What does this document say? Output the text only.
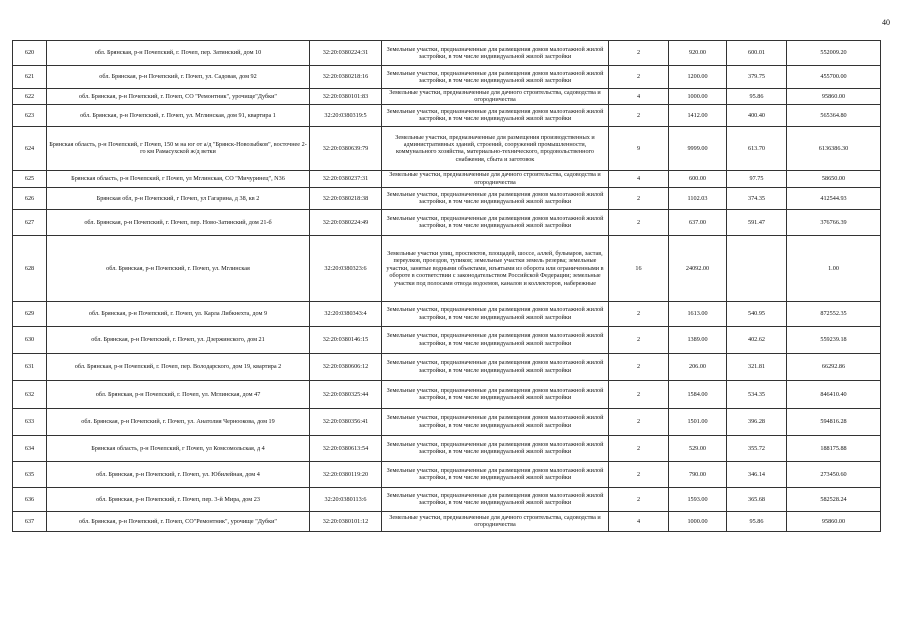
40
620	обл. Брянская, р-н Почепский, г. Почеп, пер. Затинский, дом 10	32:20:0380224:31	Земельные участки, предназначенные для размещения домов малоэтажной жилой застройки, в том числе индивидуальной жилой застройки	2	920.00	600.01	552009.20
621	обл. Брянская, р-н Почепский, г. Почеп, ул. Садовая, дом 92	32:20:0380218:16	Земельные участки, предназначенные для размещения домов малоэтажной жилой застройки, в том числе индивидуальной жилой застройки	2	1200.00	379.75	455700.00
622	обл. Брянская, р-н Почепский, г. Почеп, СО "Ремонтник", урочище"Дубки"	32:20:0380101:83	Земельные участки, предназначенные для дачного строительства, садоводства и огородничества	4	1000.00	95.86	95860.00
623	обл. Брянская, р-н Почепский, г. Почеп, ул. Мглинская, дом 91, квартира 1	32:20:0380319:5	Земельные участки, предназначенные для размещения домов малоэтажной жилой застройки, в том числе индивидуальной жилой застройки	2	1412.00	400.40	565364.80
624	Брянская область, р-н Почепский, г Почеп, 150 м на юг от а/д "Брянск-Новозыбков", восточнее 2-го км Рамасухской ж/д ветки	32:20:0380639:79	Земельные участки, предназначенные для размещения производственных и административных зданий, строений, сооружений промышленности, коммунального хозяйства, материально-технического, продовольственного снабжения, сбыта и заготовок	9	9999.00	613.70	6136386.30
625	Брянская область, р-н Почепский, г Почеп, ул Мглинская, СО "Мичуринец", N36	32:20:0380237:31	Земельные участки, предназначенные для дачного строительства, садоводства и огородничества	4	600.00	97.75	58650.00
626	Брянская обл, р-н Почепский, г Почеп, ул Гагарина, д 38, кв 2	32:20:0380218:38	Земельные участки, предназначенные для размещения домов малоэтажной жилой застройки, в том числе индивидуальной жилой застройки	2	1102.03	374.35	412544.93
627	обл. Брянская, р-н Почепский, г. Почеп, пер. Ново-Затинский, дом 21-б	32:20:0380224:49	Земельные участки, предназначенные для размещения домов малоэтажной жилой застройки, в том числе индивидуальной жилой застройки	2	637.00	591.47	376766.39
628	обл. Брянская, р-н Почепский, г. Почеп, ул. Мглинская	32:20:0380323:6	Земельные участки улиц, проспектов, площадей, шоссе, аллей, бульваров, застав, переулков, проездов, тупиков; земельные участки земель резерва; земельные участки, занятые водными объектами, изъятыми из оборота или ограниченными в обороте в соответствии с законодательством Российской Федерации; земельные участки под полосами отвода водоемов, каналов и коллекторов, набережные	16	24092.00		1.00
629	обл. Брянская, р-н Почепский, г. Почеп, ул. Карла Либкнехта, дом 9	32:20:0380343:4	Земельные участки, предназначенные для размещения домов малоэтажной жилой застройки, в том числе индивидуальной жилой застройки	2	1613.00	540.95	872552.35
630	обл. Брянская, р-н Почепский, г. Почеп, ул. Дзержинского, дом 21	32:20:0380146:15	Земельные участки, предназначенные для размещения домов малоэтажной жилой застройки, в том числе индивидуальной жилой застройки	2	1389.00	402.62	559239.18
631	обл. Брянская, р-н Почепский, г. Почеп, пер. Володарского, дом 19, квартира 2	32:20:0380606:12	Земельные участки, предназначенные для размещения домов малоэтажной жилой застройки, в том числе индивидуальной жилой застройки	2	206.00	321.81	66292.86
632	обл. Брянская, р-н Почепский, г. Почеп, ул. Мглинская, дом 47	32:20:0380325:44	Земельные участки, предназначенные для размещения домов малоэтажной жилой застройки, в том числе индивидуальной жилой застройки	2	1584.00	534.35	846410.40
633	обл. Брянская, р-н Почепский, г. Почеп, ул. Анатолия Черноокова, дом 19	32:20:0380356:41	Земельные участки, предназначенные для размещения домов малоэтажной жилой застройки, в том числе индивидуальной жилой застройки	2	1501.00	396.28	594816.28
634	Брянская область, р-н Почепский, г Почеп, ул Комсомольская, д 4	32:20:0380613:54	Земельные участки, предназначенные для размещения домов малоэтажной жилой застройки, в том числе индивидуальной жилой застройки	2	529.00	355.72	188175.88
635	обл. Брянская, р-н Почепский, г. Почеп, ул. Юбилейная, дом 4	32:20:0380119:20	Земельные участки, предназначенные для размещения домов малоэтажной жилой застройки, в том числе индивидуальной жилой застройки	2	790.00	346.14	273450.60
636	обл. Брянская, р-н Почепский, г. Почеп, пер. 3-й Мира, дом 23	32:20:0380113:6	Земельные участки, предназначенные для размещения домов малоэтажной жилой застройки, в том числе индивидуальной жилой застройки	2	1593.00	365.68	582528.24
637	обл. Брянская, р-н Почепский, г. Почеп, СО"Ремонтник", урочище "Дубки"	32:20:0380101:12	Земельные участки, предназначенные для дачного строительства, садоводства и огородничества	4	1000.00	95.86	95860.00
